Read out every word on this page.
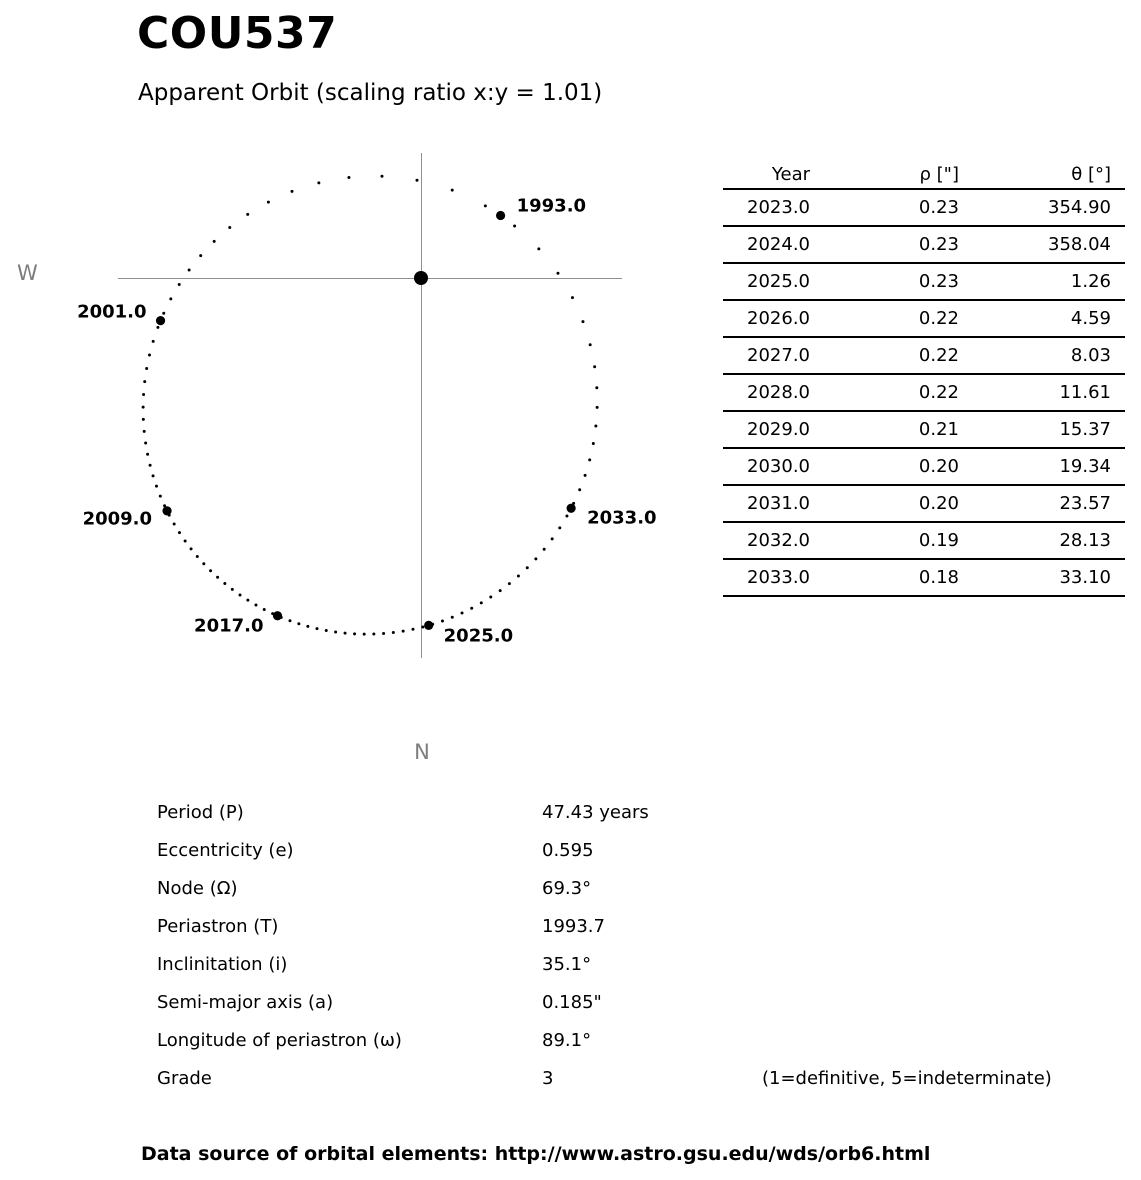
COU537
Apparent Orbit (scaling ratio x:y = 1.01)
W
N
1993.0
2001.0
2009.0
2017.0
2025.0
2033.0
Year	ρ ["]	θ [°]
2023.0	0.23	354.90
2024.0	0.23	358.04
2025.0	0.23	1.26
2026.0	0.22	4.59
2027.0	0.22	8.03
2028.0	0.22	11.61
2029.0	0.21	15.37
2030.0	0.20	19.34
2031.0	0.20	23.57
2032.0	0.19	28.13
2033.0	0.18	33.10
Period (P)	47.43 years
Eccentricity (e)	0.595
Node (Ω)	69.3°
Periastron (T)	1993.7
Inclinitation (i)	35.1°
Semi-major axis (a)	0.185"
Longitude of periastron (ω)	89.1°
Grade	3	(1=definitive, 5=indeterminate)
Data source of orbital elements: http://www.astro.gsu.edu/wds/orb6.html
